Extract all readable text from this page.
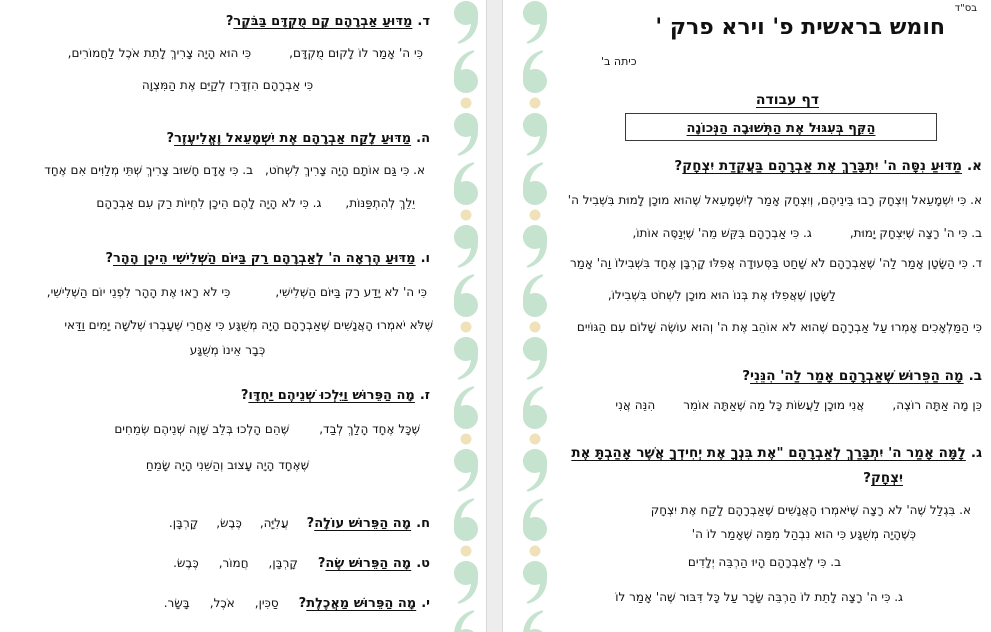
ד.מַדּוּעַ אַבְרָהָם קָם מֻקְדָּם בַּבֹּקֶר?
כִּי ה' אָמַר לוֹ לָקוּם מֻקְדָּם,
כִּי הוּא הָיָה צָרִיךְ לָתֵת אֹכֶל לַחֲמוֹרִים,
כִּי אַבְרָהָם הִזְדָּרֵז לְקַיֵּם אֶת הַמִּצְוָה
ה.מַדּוּעַ לָקַח אַבְרָהָם אֶת יִשְׁמָעֵאל וֶאֱלִיעֶזֶר?
א. כִּי גַּם אוֹתָם הָיָה צָרִיךְ לִשְׁחֹט,
ב. כִּי אָדָם חָשׁוּב צָרִיךְ שְׁתֵּי מְלַוִּים אִם אֶחָד
יֵלֵךְ לְהִתְפַּנּוֹת,
ג. כִּי לֹא הָיָה לָהֶם הֵיכָן לִחְיוֹת רַק עִם אַבְרָהָם
ו.מַדּוּעַ הֶרְאָה ה' לְאַבְרָהָם רַק בַּיּוֹם הַשְּׁלִישִׁי הֵיכָן הָהָר?
כִּי ה' לֹא יָדַע רַק בַּיּוֹם הַשְּׁלִישִׁי,
כִּי לֹא רָאוּ אֶת הָהָר לִפְנֵי יוֹם הַשְּׁלִישִׁי,
שֶׁלֹּא יֹאמְרוּ הָאֲנָשִׁים שֶׁאַבְרָהָם הָיָה מְשֻׁגָּע כִּי אַחֲרֵי שֶׁעָבְרוּ שְׁלֹשָׁה יָמִים וַדַּאי
כְּבָר אֵינוֹ מְשֻׁגָּע
ז.מָה הַפֵּרוּשׁ וַיֵּלְכוּ שְׁנֵיהֶם יַחְדָּו?
שֶׁכָּל אֶחָד הָלַךְ לְבַד,
שֶׁהֵם הָלְכוּ בְּלֵב שָׁוֶה שְׁנֵיהֶם שְׂמֵחִים
שֶׁאֶחָד הָיָה עָצוּב וְהַשֵּׁנִי הָיָה שָׂמֵחַ
ח.מָה הַפֵּרוּשׁ עוֹלָה?
עֲלִיָּה,
כֶּבֶשׂ,
קָרְבָּן.
ט.מָה הַפֵּרוּשׁ שֶׂה?
קָרְבָּן,
חֲמוֹר,
כֶּבֶשׂ.
י.מָה הַפֵּרוּשׁ מַאֲכֶלֶת?
סַכִּין,
אֹכֶל,
בָּשָׂר.
בס"ד
חומש בראשית פ' וירא פרק '
כיתה ב'
דף עבודה
הַקֵּף בְּעִגּוּל אֶת הַתְּשׁוּבָה הַנְּכוֹנָה
א.מַדּוּעַ נִסָּה ה' יִתְבָּרַךְ אֶת אַבְרָהָם בַּעֲקֵדַת יִצְחָק?
א. כִּי יִשְׁמָעֵאל וְיִצְחָק רָבוּ בֵּינֵיהֶם, וְיִצְחָק אָמַר לְיִשְׁמָעֵאל שֶׁהוּא מוּכָן לָמוּת בִּשְׁבִיל ה'
ב. כִּי ה' רָצָה שֶׁיִּצְחָק יָמוּת,
ג. כִּי אַבְרָהָם בִּקֵּשׁ מֵה' שֶׁיְּנַסֶּה אוֹתוֹ,
ד. כִּי הַשָּׂטָן אָמַר לַה' שֶׁאַבְרָהָם לֹא שָׁחַט בַּסְּעוּדָה אֲפִלּוּ קָרְבָּן אֶחָד בִּשְׁבִילוֹ וַה' אָמַר
לַשָּׂטָן שֶׁאֲפִלּוּ אֶת בְּנוֹ הוּא מוּכָן לִשְׁחֹט בִּשְׁבִילוֹ,
כִּי הַמַּלְאָכִים אָמְרוּ עַל אַבְרָהָם שֶׁהוּא לֹא אוֹהֵב אֶת ה' וְהוּא עוֹשֶׂה שָׁלוֹם עִם הַגּוֹיִים
ב.מָה הַפֵּרוּשׁ שֶׁאַבְרָהָם אָמַר לַה' הִנֵּנִי?
כֵּן מָה אַתָּה רוֹצֶה,
אֲנִי מוּכָן לַעֲשׂוֹת כָּל מַה שֶׁאַתָּה אוֹמֵר
הִנֵּה אֲנִי
ג.לָמָּה אָמַר ה' יִתְבָּרַךְ לְאַבְרָהָם "אֶת בִּנְךָ אֶת יְחִידְךָ אֲשֶׁר אָהַבְתָּ אֶת
יִצְחָק?
א. בִּגְלַל שֶׁה' לֹא רָצָה שֶׁיֹּאמְרוּ הָאֲנָשִׁים שֶׁאַבְרָהָם לָקַח אֶת יִצְחָק
כְּשֶׁהָיָה מְשֻׁגָּע כִּי הוּא נִבְהַל מִמַּה שֶׁאָמַר לוֹ ה'
ב. כִּי לְאַבְרָהָם הָיוּ הַרְבֵּה יְלָדִים
ג. כִּי ה' רָצָה לָתֵת לוֹ הַרְבֵּה שָׂכָר עַל כָּל דִּבּוּר שֶׁה' אָמַר לוֹ
